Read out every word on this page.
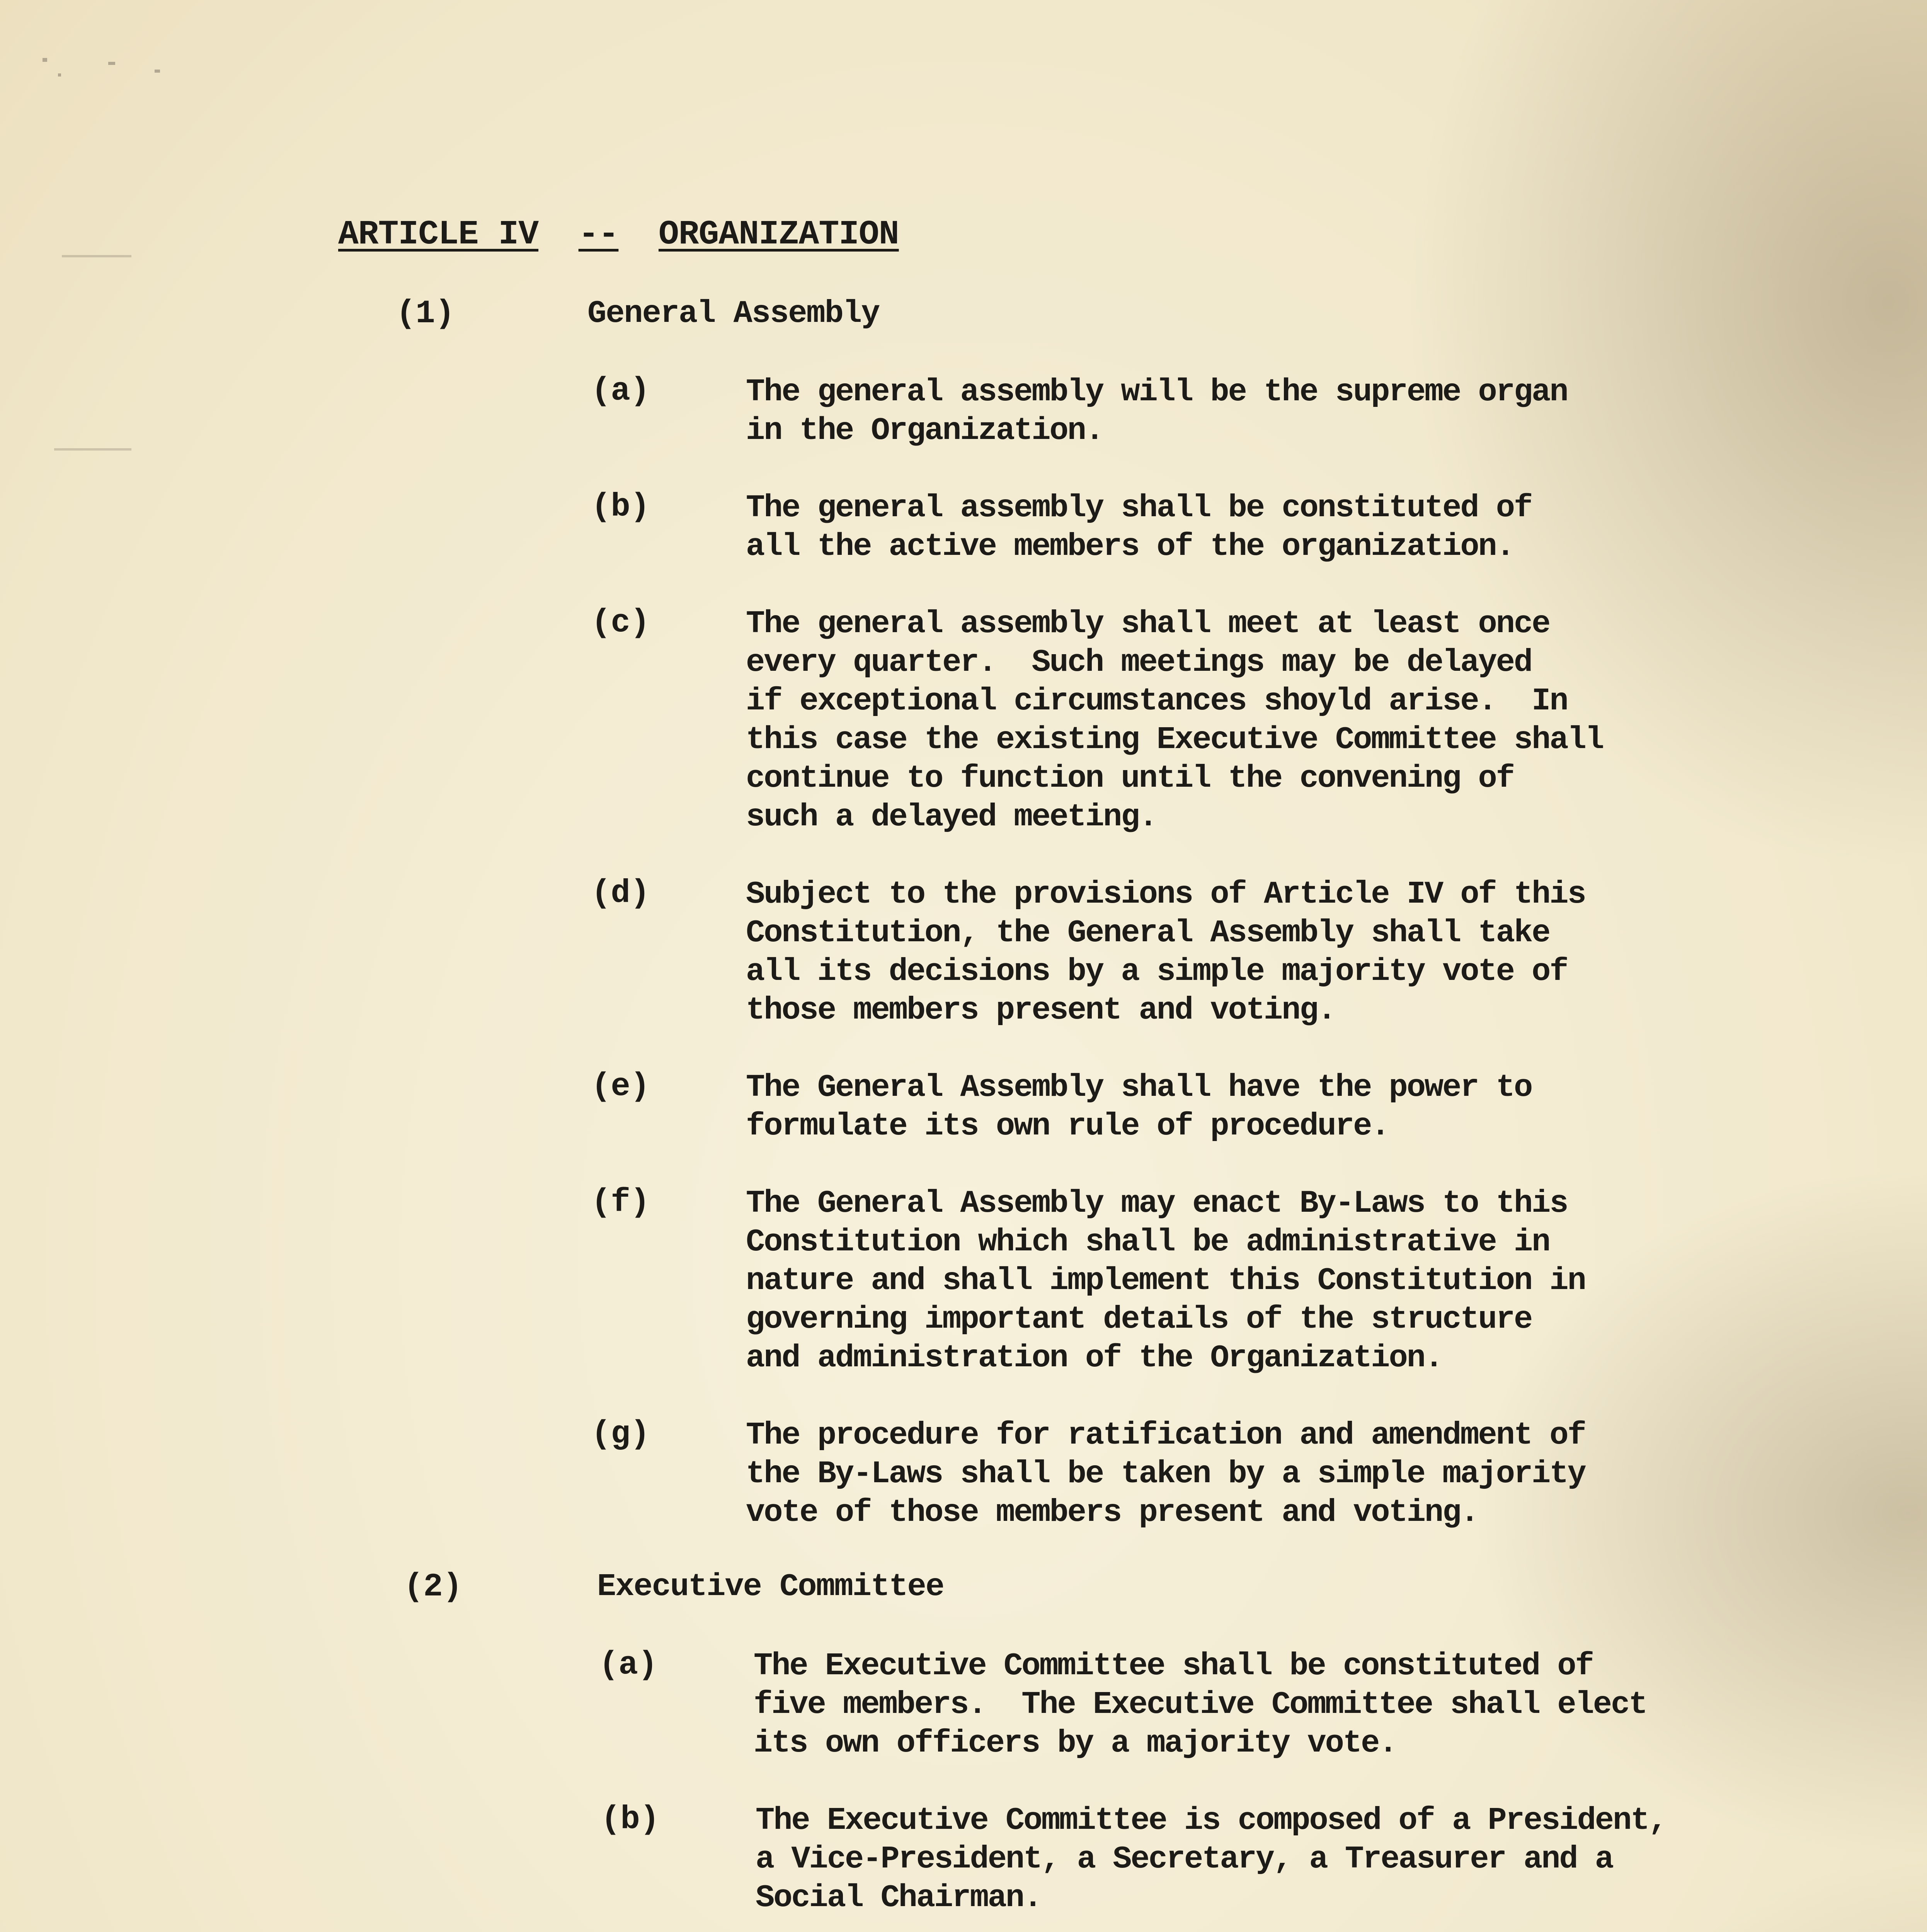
ARTICLE IV -- ORGANIZATION
(1)	General Assembly
(a)	The general assembly will be the supreme organ
in the Organization.
(b)	The general assembly shall be constituted of
all the active members of the organization.
(c)	The general assembly shall meet at least once
every quarter.  Such meetings may be delayed
if exceptional circumstances shoyld arise.  In
this case the existing Executive Committee shall
continue to function until the convening of
such a delayed meeting.
(d)	Subject to the provisions of Article IV of this
Constitution, the General Assembly shall take
all its decisions by a simple majority vote of
those members present and voting.
(e)	The General Assembly shall have the power to
formulate its own rule of procedure.
(f)	The General Assembly may enact By-Laws to this
Constitution which shall be administrative in
nature and shall implement this Constitution in
governing important details of the structure
and administration of the Organization.
(g)	The procedure for ratification and amendment of
the By-Laws shall be taken by a simple majority
vote of those members present and voting.
(2)	Executive Committee
(a)	The Executive Committee shall be constituted of
five members.  The Executive Committee shall elect
its own officers by a majority vote.
(b)	The Executive Committee is composed of a President,
a Vice-President, a Secretary, a Treasurer and a
Social Chairman.
